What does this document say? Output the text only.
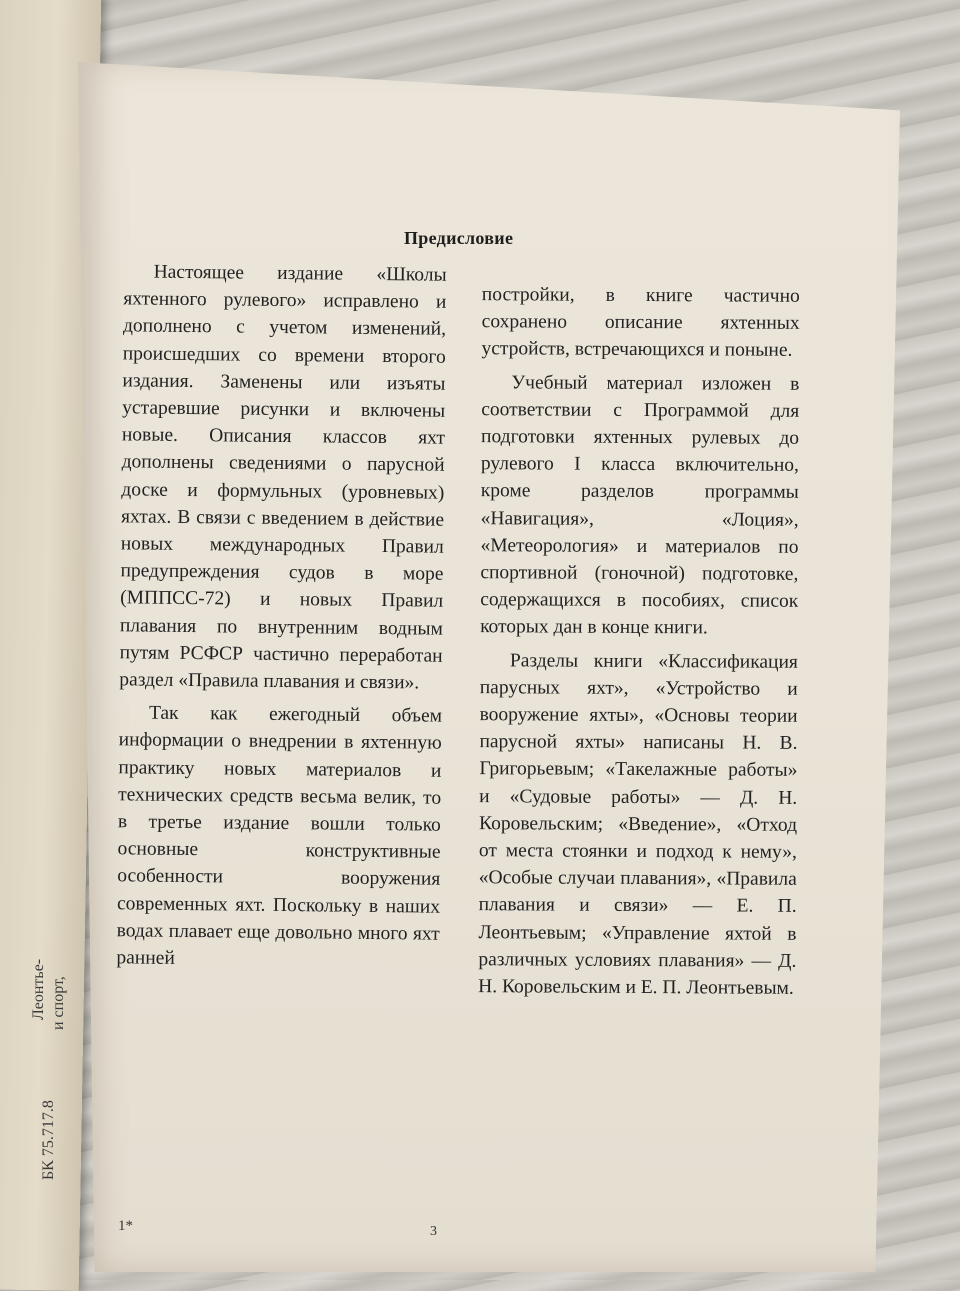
Леонтье- и спорт,
БК 75.717.8
Предисловие

Настоящее издание «Школы яхтенного рулевого» исправлено и дополнено с учетом изменений, происшедших со времени второго издания. Заменены или изъяты устаревшие рисунки и включены новые. Описания классов яхт дополнены сведениями о парусной доске и формульных (уровневых) яхтах. В связи с введением в действие новых международных Правил предупреждения судов в море (МППСС-72) и новых Правил плавания по внутренним водным путям РСФСР частично переработан раздел «Правила плавания и связи».

Так как ежегодный объем информации о внедрении в яхтенную практику новых материалов и технических средств весьма велик, то в третье издание вошли только основные конструктивные особенности вооружения современных яхт. Поскольку в наших водах плавает еще довольно много яхт ранней

постройки, в книге частично сохранено описание яхтенных устройств, встречающихся и поныне.

Учебный материал изложен в соответствии с Программой для подготовки яхтенных рулевых до рулевого I класса включительно, кроме разделов программы «Навигация», «Лоция», «Метеорология» и материалов по спортивной (гоночной) подготовке, содержащихся в пособиях, список которых дан в конце книги.

Разделы книги «Классификация парусных яхт», «Устройство и вооружение яхты», «Основы теории парусной яхты» написаны Н. В. Григорьевым; «Такелажные работы» и «Судовые работы» — Д. Н. Коровельским; «Введение», «Отход от места стоянки и подход к нему», «Особые случаи плавания», «Правила плавания и связи» — Е. П. Леонтьевым; «Управление яхтой в различных условиях плавания» — Д. Н. Коровельским и Е. П. Леонтьевым.

1*	3
